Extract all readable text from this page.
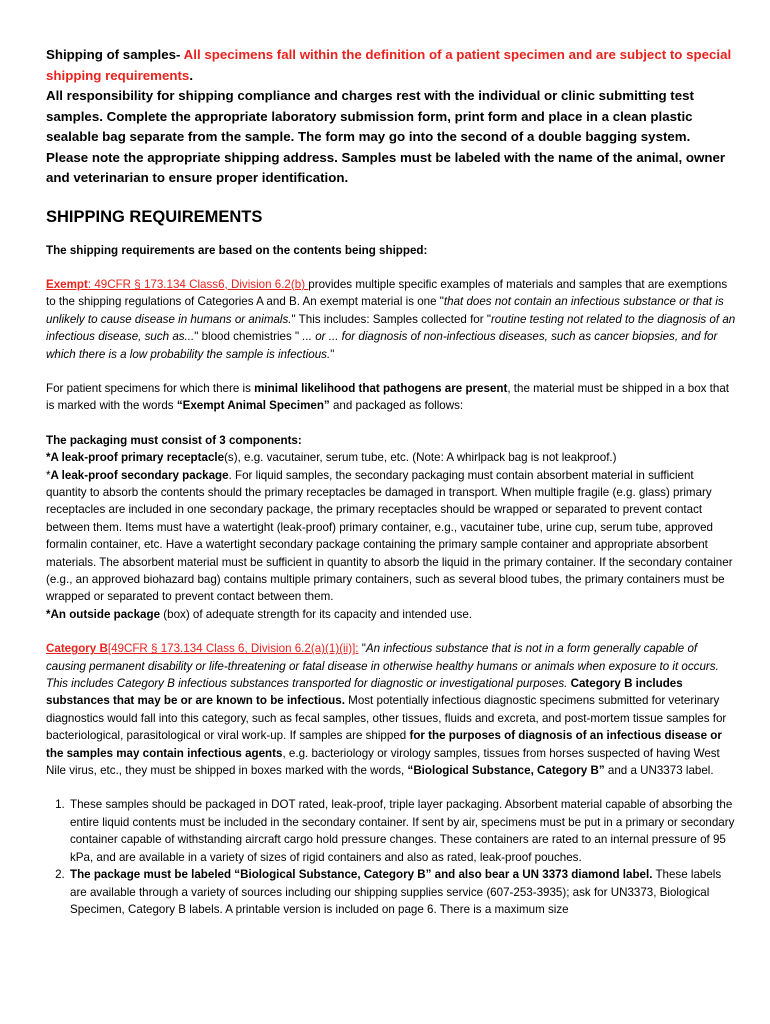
Shipping of samples- All specimens fall within the definition of a patient specimen and are subject to special shipping requirements.
All responsibility for shipping compliance and charges rest with the individual or clinic submitting test samples. Complete the appropriate laboratory submission form, print form and place in a clean plastic sealable bag separate from the sample. The form may go into the second of a double bagging system. Please note the appropriate shipping address. Samples must be labeled with the name of the animal, owner and veterinarian to ensure proper identification.

SHIPPING REQUIREMENTS

The shipping requirements are based on the contents being shipped:

Exempt: 49CFR § 173.134 Class6, Division 6.2(b) provides multiple specific examples of materials and samples that are exemptions to the shipping regulations of Categories A and B. An exempt material is one "that does not contain an infectious substance or that is unlikely to cause disease in humans or animals." This includes: Samples collected for "routine testing not related to the diagnosis of an infectious disease, such as..." blood chemistries " ... or ... for diagnosis of non-infectious diseases, such as cancer biopsies, and for which there is a low probability the sample is infectious."

For patient specimens for which there is minimal likelihood that pathogens are present, the material must be shipped in a box that is marked with the words “Exempt Animal Specimen” and packaged as follows:

The packaging must consist of 3 components:
*A leak-proof primary receptacle(s), e.g. vacutainer, serum tube, etc. (Note: A whirlpack bag is not leakproof.)
*A leak-proof secondary package. For liquid samples, the secondary packaging must contain absorbent material in sufficient quantity to absorb the contents should the primary receptacles be damaged in transport. When multiple fragile (e.g. glass) primary receptacles are included in one secondary package, the primary receptacles should be wrapped or separated to prevent contact between them. Items must have a watertight (leak-proof) primary container, e.g., vacutainer tube, urine cup, serum tube, approved formalin container, etc. Have a watertight secondary package containing the primary sample container and appropriate absorbent materials. The absorbent material must be sufficient in quantity to absorb the liquid in the primary container. If the secondary container (e.g., an approved biohazard bag) contains multiple primary containers, such as several blood tubes, the primary containers must be wrapped or separated to prevent contact between them.
*An outside package (box) of adequate strength for its capacity and intended use.

Category B[49CFR § 173.134 Class 6, Division 6.2(a)(1)(ii)]: "An infectious substance that is not in a form generally capable of causing permanent disability or life-threatening or fatal disease in otherwise healthy humans or animals when exposure to it occurs. This includes Category B infectious substances transported for diagnostic or investigational purposes. Category B includes substances that may be or are known to be infectious. Most potentially infectious diagnostic specimens submitted for veterinary diagnostics would fall into this category, such as fecal samples, other tissues, fluids and excreta, and post-mortem tissue samples for bacteriological, parasitological or viral work-up. If samples are shipped for the purposes of diagnosis of an infectious disease or the samples may contain infectious agents, e.g. bacteriology or virology samples, tissues from horses suspected of having West Nile virus, etc., they must be shipped in boxes marked with the words, “Biological Substance, Category B” and a UN3373 label.

1. These samples should be packaged in DOT rated, leak-proof, triple layer packaging. Absorbent material capable of absorbing the entire liquid contents must be included in the secondary container. If sent by air, specimens must be put in a primary or secondary container capable of withstanding aircraft cargo hold pressure changes. These containers are rated to an internal pressure of 95 kPa, and are available in a variety of sizes of rigid containers and also as rated, leak-proof pouches.
2. The package must be labeled “Biological Substance, Category B” and also bear a UN 3373 diamond label. These labels are available through a variety of sources including our shipping supplies service (607-253-3935); ask for UN3373, Biological Specimen, Category B labels. A printable version is included on page 6. There is a maximum size
